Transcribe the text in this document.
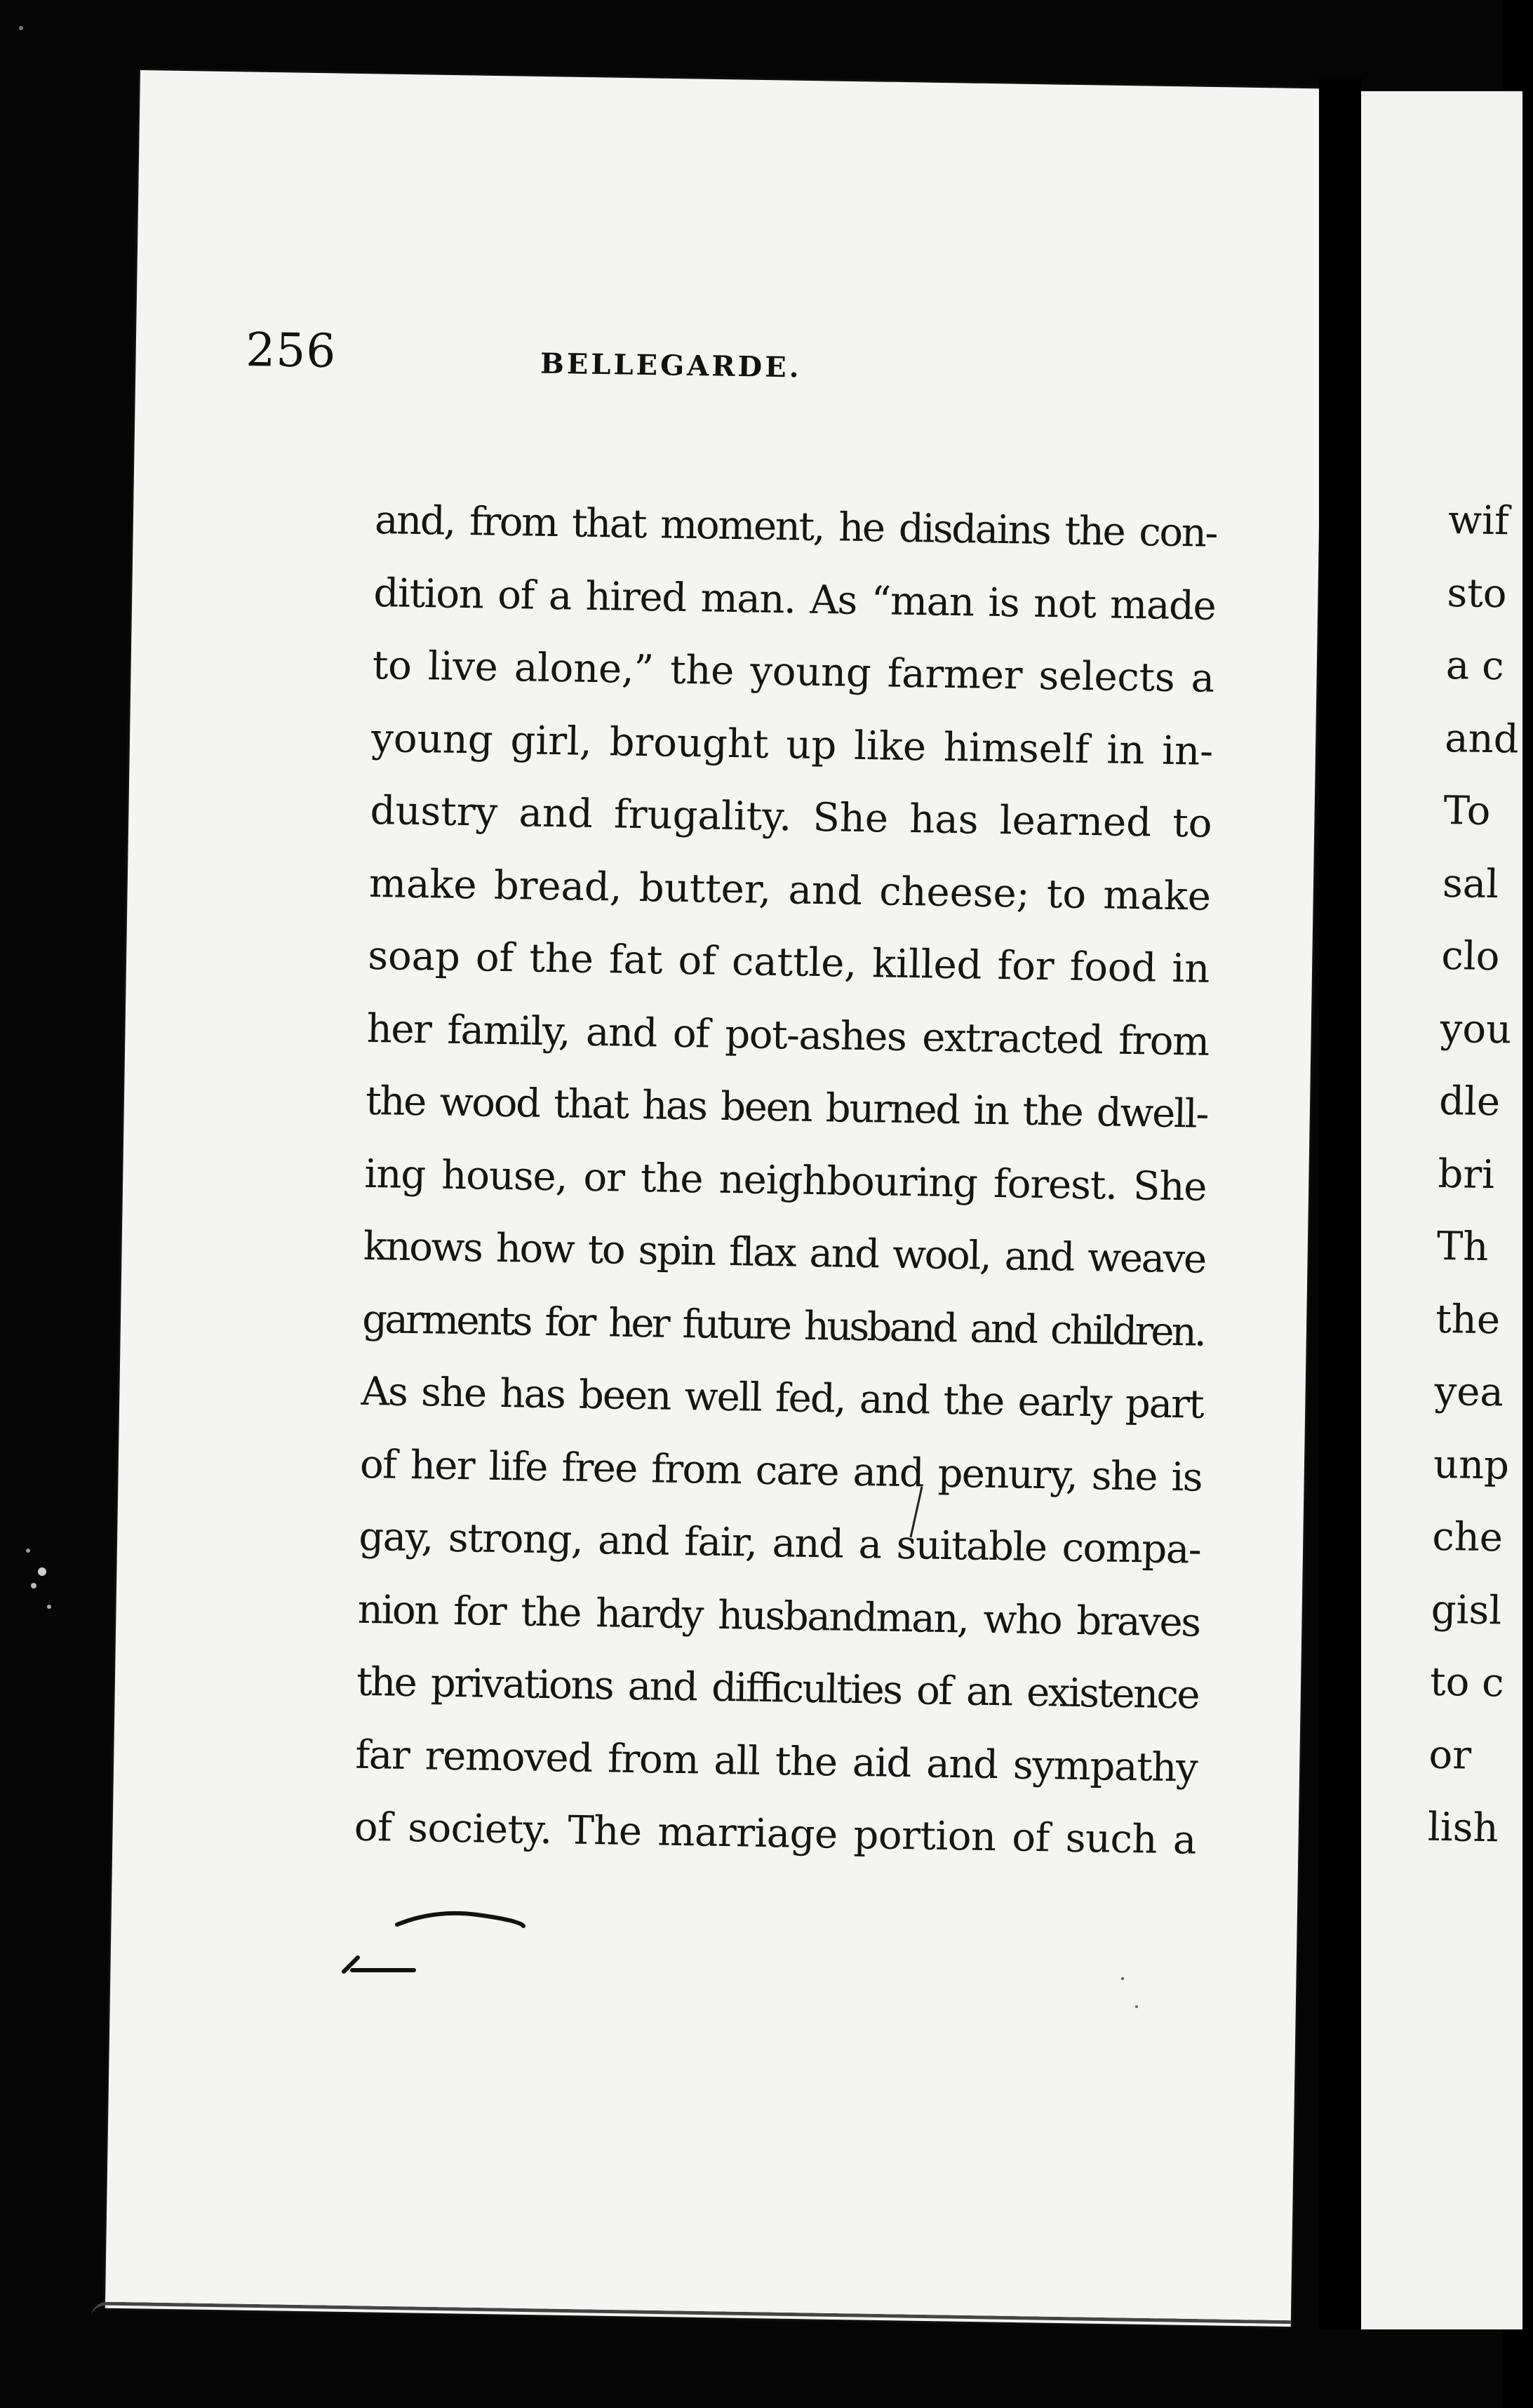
256	BELLEGARDE.
and, from that moment, he disdains the con-
dition of a hired man. As “man is not made
to live alone,” the young farmer selects a
young girl, brought up like himself in in-
dustry and frugality. She has learned to
make bread, butter, and cheese; to make
soap of the fat of cattle, killed for food in
her family, and of pot-ashes extracted from
the wood that has been burned in the dwell-
ing house, or the neighbouring forest. She
knows how to spin flax and wool, and weave
garments for her future husband and children.
As she has been well fed, and the early part
of her life free from care and penury, she is
gay, strong, and fair, and a suitable compa-
nion for the hardy husbandman, who braves
the privations and difficulties of an existence
far removed from all the aid and sympathy
of society. The marriage portion of such a
wif
sto
a c
and
To
sal
clo
you
dle
bri
Th
the
yea
unp
che
gisl
to c
or
lish
